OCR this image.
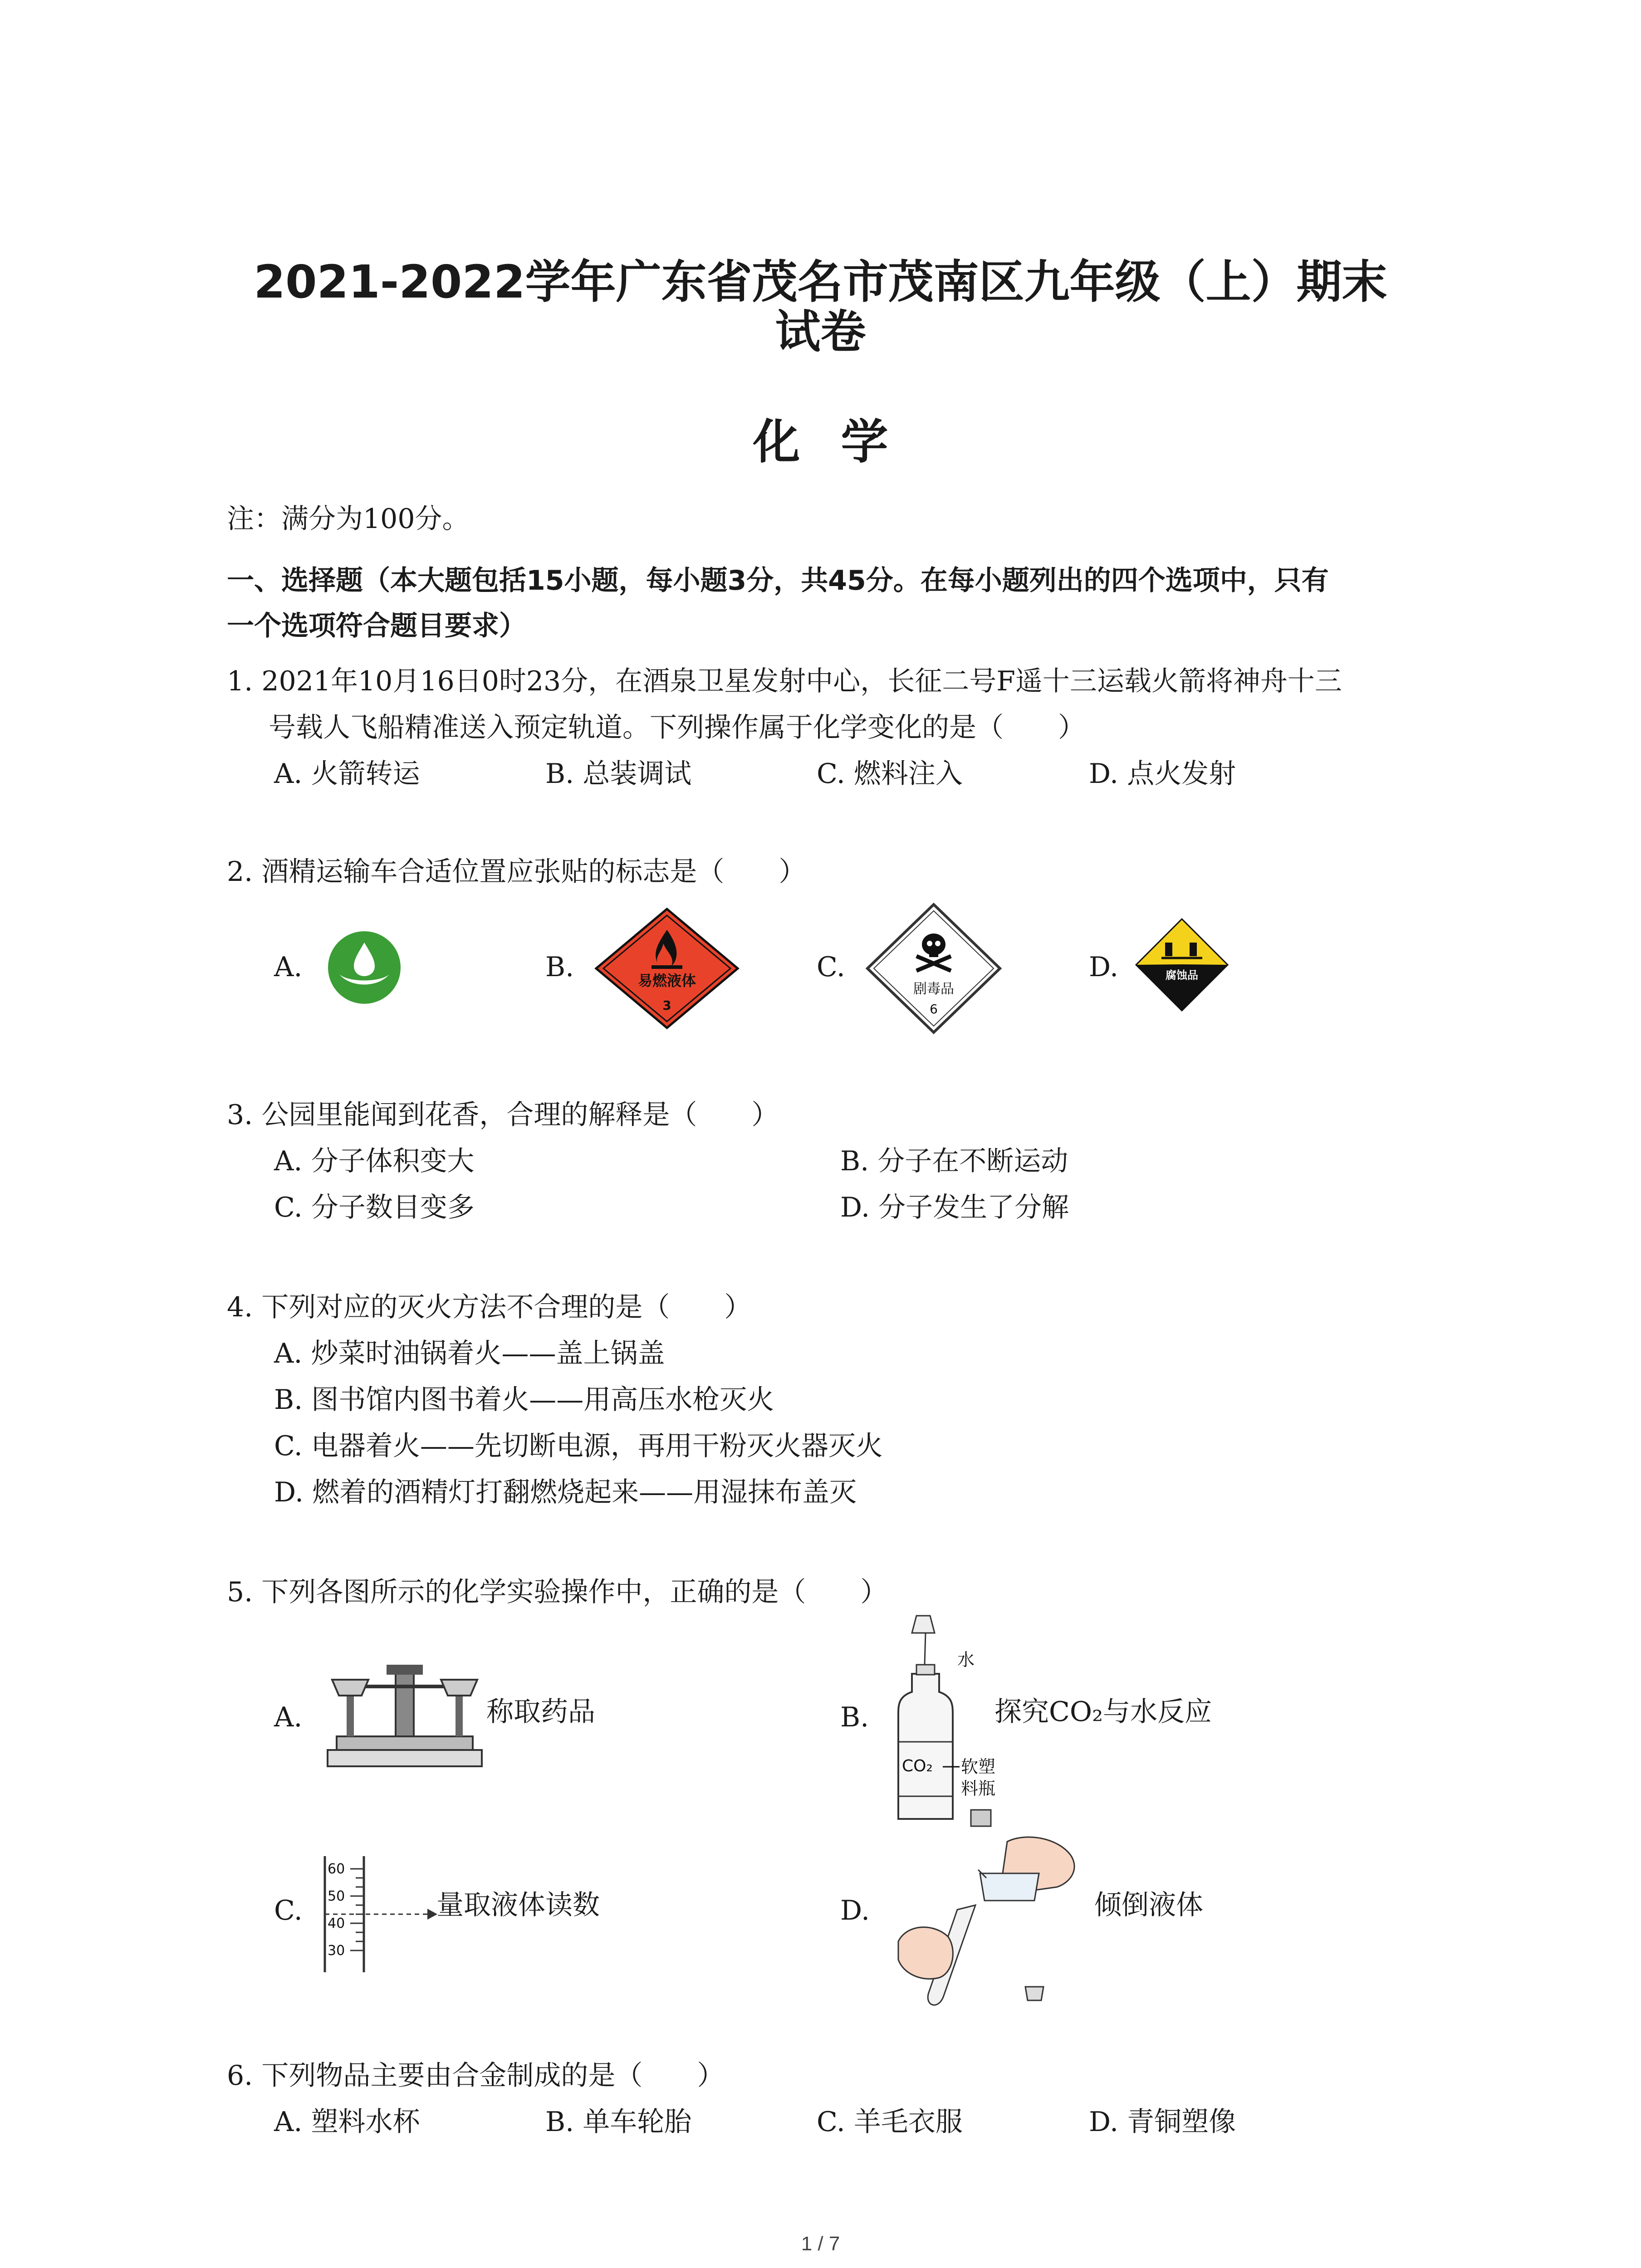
2021-2022学年广东省茂名市茂南区九年级（上）期末
试卷
化学
注：满分为100分。
一、选择题（本大题包括15小题，每小题3分，共45分。在每小题列出的四个选项中，只有
一个选项符合题目要求）
1. 2021年10月16日0时23分，在酒泉卫星发射中心，长征二号F遥十三运载火箭将神舟十三
号载人飞船精准送入预定轨道。下列操作属于化学变化的是（　　）
A. 火箭转运	B. 总装调试	C. 燃料注入	D. 点火发射
2. 酒精运输车合适位置应张贴的标志是（　　）
A.	B.	C.	D.
易燃液体
3
剧毒品
6
腐蚀品
3. 公园里能闻到花香，合理的解释是（　　）
A. 分子体积变大	B. 分子在不断运动
C. 分子数目变多	D. 分子发生了分解
4. 下列对应的灭火方法不合理的是（　　）
A. 炒菜时油锅着火——盖上锅盖
B. 图书馆内图书着火——用高压水枪灭火
C. 电器着火——先切断电源，再用干粉灭火器灭火
D. 燃着的酒精灯打翻燃烧起来——用湿抹布盖灭
5. 下列各图所示的化学实验操作中，正确的是（　　）
A.	称取药品	B.
水
CO₂ 软塑
料瓶
探究CO₂与水反应
C.
60
50
40
30
量取液体读数	D.	倾倒液体
6. 下列物品主要由合金制成的是（　　）
A. 塑料水杯	B. 单车轮胎	C. 羊毛衣服	D. 青铜塑像
1 / 7
